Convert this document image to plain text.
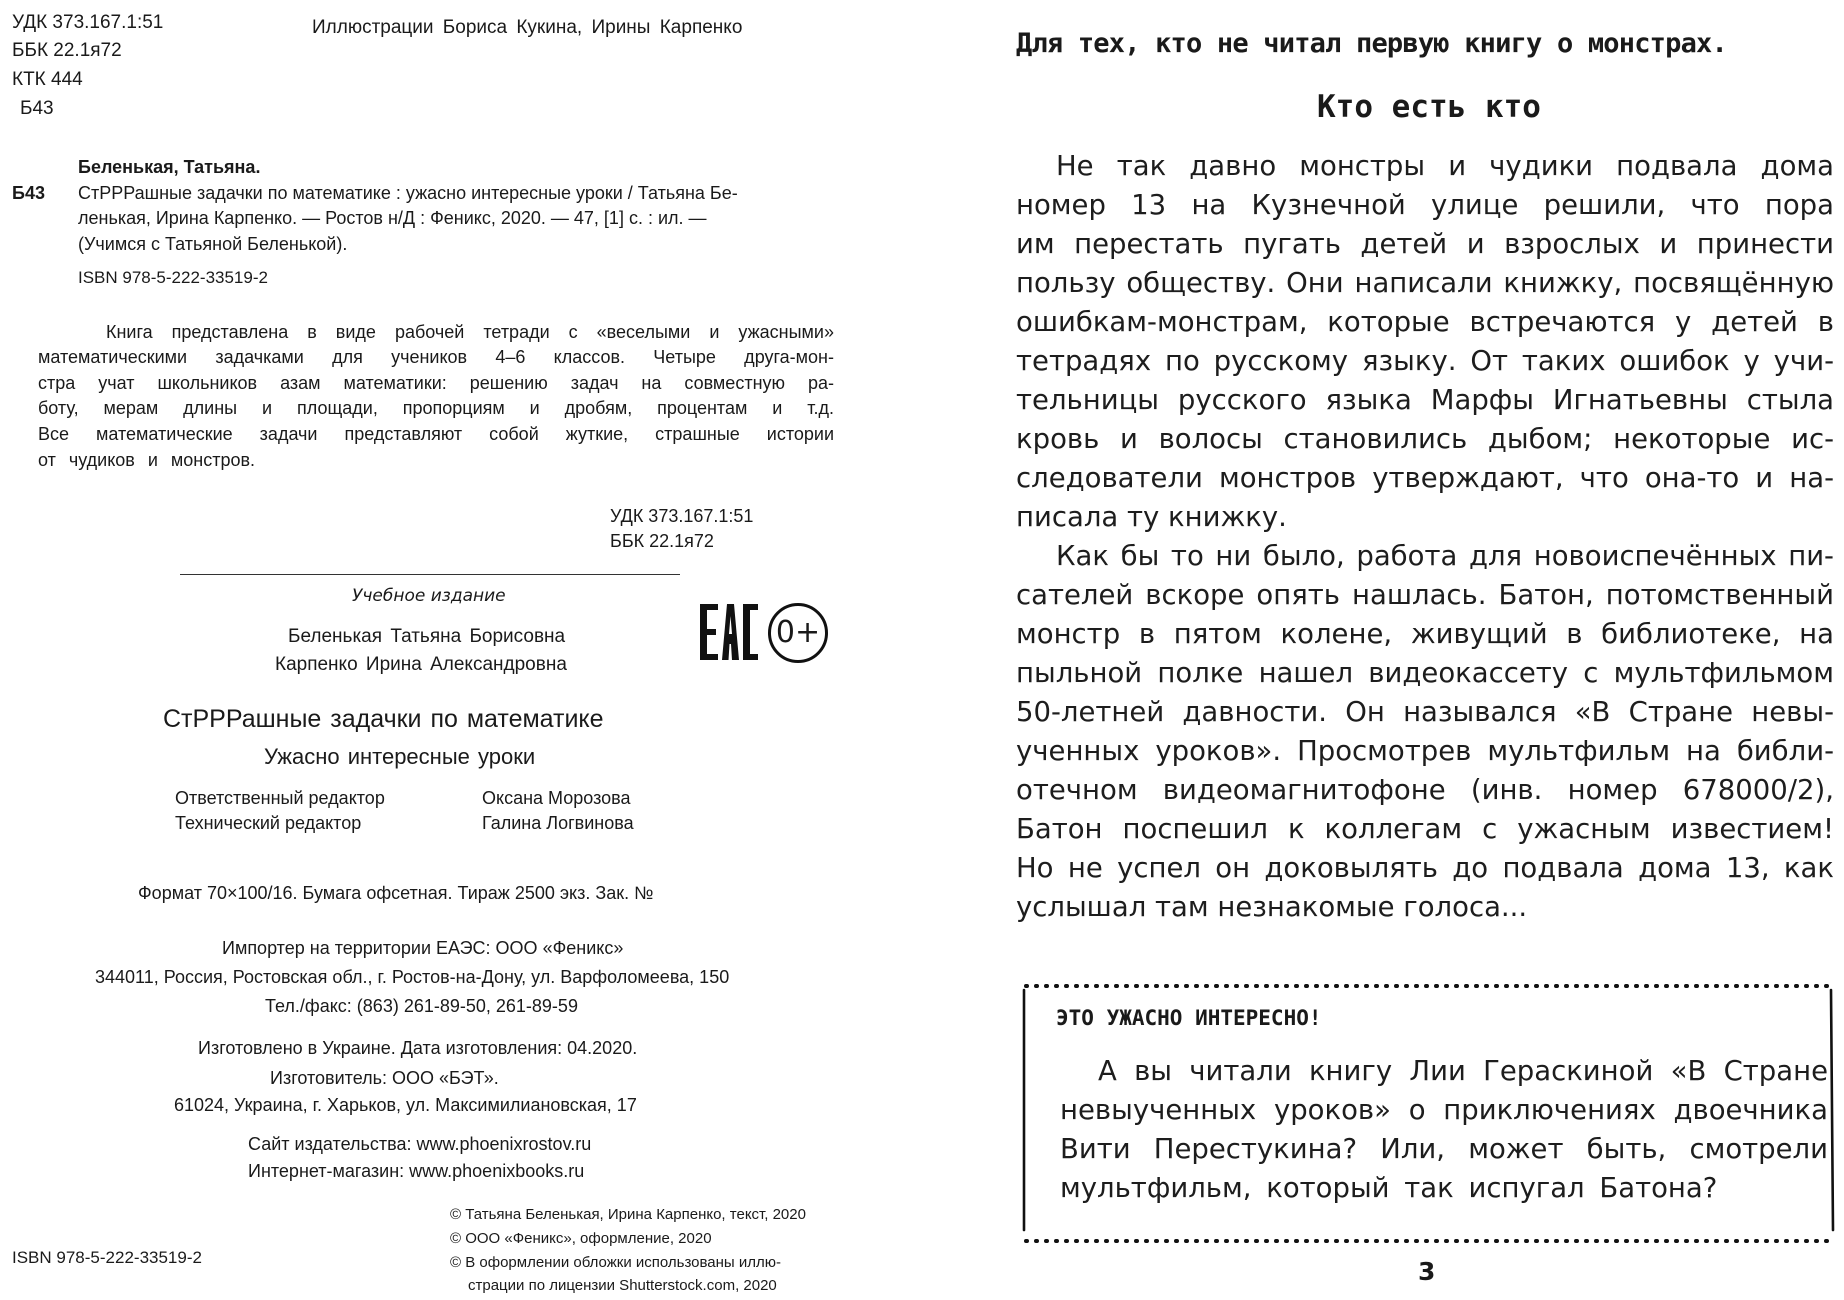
УДК 373.167.1:51
ББК 22.1я72
КТК 444
Б43
Иллюстрации Бориса Кукина, Ирины Карпенко
Беленькая, Татьяна.
Б43 СтРРРашные задачки по математике : ужасно интересные уроки / Татьяна Бе-
ленькая, Ирина Карпенко. — Ростов н/Д : Феникс, 2020. — 47, [1] с. : ил. —
(Учимся с Татьяной Беленькой).
ISBN 978-5-222-33519-2
Книга представлена в виде рабочей тетради с «веселыми и ужасными»
математическими задачками для учеников 4–6 классов. Четыре друга-мон-
стра учат школьников азам математики: решению задач на совместную ра-
боту, мерам длины и площади, пропорциям и дробям, процентам и т.д.
Все математические задачи представляют собой жуткие, страшные истории
от чудиков и монстров.
УДК 373.167.1:51
ББК 22.1я72
Учебное издание
Беленькая Татьяна Борисовна
Карпенко Ирина Александровна
0+
СтРРРашные задачки по математике
Ужасно интересные уроки
Ответственный редактор	Оксана Морозова
Технический редактор	Галина Логвинова
Формат 70×100/16. Бумага офсетная. Тираж 2500 экз. Зак. №
Импортер на территории ЕАЭС: ООО «Феникс»
344011, Россия, Ростовская обл., г. Ростов-на-Дону, ул. Варфоломеева, 150
Тел./факс: (863) 261-89-50, 261-89-59
Изготовлено в Украине. Дата изготовления: 04.2020.
Изготовитель: ООО «БЭТ».
61024, Украина, г. Харьков, ул. Максимилиановская, 17
Сайт издательства: www.phoenixrostov.ru
Интернет-магазин: www.phoenixbooks.ru
© Татьяна Беленькая, Ирина Карпенко, текст, 2020
© ООО «Феникс», оформление, 2020
© В оформлении обложки использованы иллю-
страции по лицензии Shutterstock.com, 2020
ISBN 978-5-222-33519-2
Для тех, кто не читал первую книгу о монстрах.
Кто есть кто
Не так давно монстры и чудики подвала дома
номер 13 на Кузнечной улице решили, что пора
им перестать пугать детей и взрослых и принести
пользу обществу. Они написали книжку, посвящённую
ошибкам-монстрам, которые встречаются у детей в
тетрадях по русскому языку. От таких ошибок у учи-
тельницы русского языка Марфы Игнатьевны стыла
кровь и волосы становились дыбом; некоторые ис-
следователи монстров утверждают, что она-то и на-
писала ту книжку.
Как бы то ни было, работа для новоиспечённых пи-
сателей вскоре опять нашлась. Батон, потомственный
монстр в пятом колене, живущий в библиотеке, на
пыльной полке нашел видеокассету с мультфильмом
50-летней давности. Он назывался «В Стране невы-
ученных уроков». Просмотрев мультфильм на библи-
отечном видеомагнитофоне (инв. номер 678000/2),
Батон поспешил к коллегам с ужасным известием!
Но не успел он доковылять до подвала дома 13, как
услышал там незнакомые голоса...
ЭТО УЖАСНО ИНТЕРЕСНО!
А вы читали книгу Лии Гераскиной «В Стране
невыученных уроков» о приключениях двоечника
Вити Перестукина? Или, может быть, смотрели
мультфильм, который так испугал Батона?
3
